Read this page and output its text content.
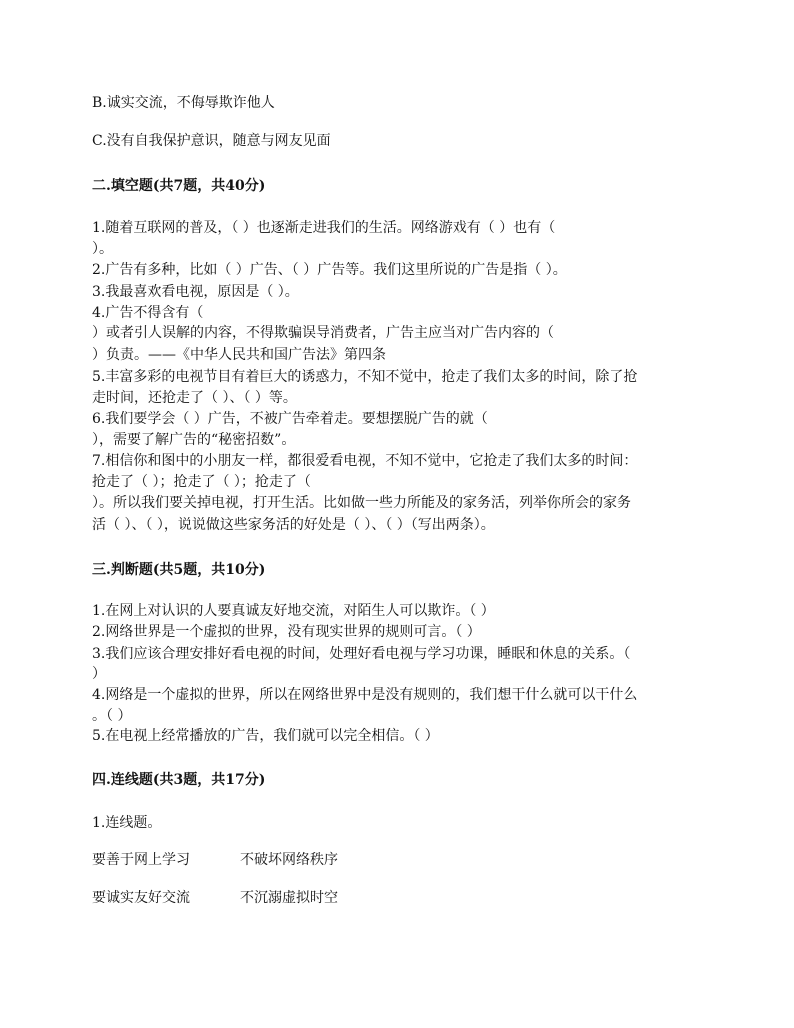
B.诚实交流，不侮辱欺诈他人
C.没有自我保护意识，随意与网友见面
二.填空题(共7题，共40分)
1.随着互联网的普及，（ ）也逐渐走进我们的生活。网络游戏有（ ）也有（
）。
2.广告有多种，比如（ ）广告、（ ）广告等。我们这里所说的广告是指（ ）。
3.我最喜欢看电视，原因是（ ）。
4.广告不得含有（
）或者引人误解的内容，不得欺骗误导消费者，广告主应当对广告内容的（
）负责。——《中华人民共和国广告法》第四条
5.丰富多彩的电视节目有着巨大的诱惑力，不知不觉中，抢走了我们太多的时间，除了抢
走时间，还抢走了（ ）、（ ）等。
6.我们要学会（ ）广告，不被广告牵着走。要想摆脱广告的就（
），需要了解广告的“秘密招数”。
7.相信你和图中的小朋友一样，都很爱看电视，不知不觉中，它抢走了我们太多的时间：
抢走了（ ）；抢走了（ ）；抢走了（
）。所以我们要关掉电视，打开生活。比如做一些力所能及的家务活，列举你所会的家务
活（ ）、（ ），说说做这些家务活的好处是（ ）、（ ）（写出两条）。
三.判断题(共5题，共10分)
1.在网上对认识的人要真诚友好地交流，对陌生人可以欺诈。（ ）
2.网络世界是一个虚拟的世界，没有现实世界的规则可言。（ ）
3.我们应该合理安排好看电视的时间，处理好看电视与学习功课，睡眠和休息的关系。（
）
4.网络是一个虚拟的世界，所以在网络世界中是没有规则的，我们想干什么就可以干什么
。（ ）
5.在电视上经常播放的广告，我们就可以完全相信。（ ）
四.连线题(共3题，共17分)
1.连线题。
要善于网上学习	不破坏网络秩序
要诚实友好交流	不沉溺虚拟时空
